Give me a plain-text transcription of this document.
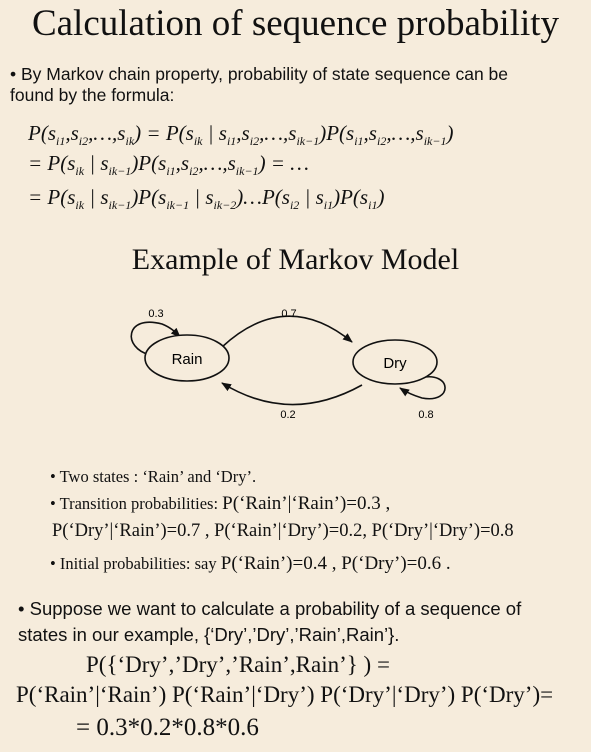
Calculation of sequence probability
• By Markov chain property, probability of state sequence can be
found by the formula:
$P(s_{i1},s_{i2},\dots,s_{ik}) = P(s_{ik}$ | $s_{i1},s_{i2},\dots,s_{ik-1})P(s_{i1},s_{i2},\dots,s_{ik-1})$
= $P(s_{ik}$ | $s_{ik-1})P(s_{i1},s_{i2},\dots,s_{ik-1})$ = …
= $P(s_{ik}$ | $s_{ik-1})P(s_{ik-1}$ | $s_{ik-2})\dots P(s_{i2}$ | $s_{i1})P(s_{i1})$
Example of Markov Model
Rain	Dry
0.3	0.7
0.2	0.8
• Two states : ‘Rain’ and ‘Dry’.
• Transition probabilities: P(‘Rain’|‘Rain’)=0.3 ,
P(‘Dry’|‘Rain’)=0.7 , P(‘Rain’|‘Dry’)=0.2, P(‘Dry’|‘Dry’)=0.8
• Initial probabilities: say P(‘Rain’)=0.4 , P(‘Dry’)=0.6 .
• Suppose we want to calculate a probability of a sequence of
states in our example, {‘Dry’,’Dry’,’Rain’,Rain’}.
P({‘Dry’,’Dry’,’Rain’,Rain’} ) =
P(‘Rain’|‘Rain’) P(‘Rain’|‘Dry’) P(‘Dry’|‘Dry’) P(‘Dry’)=
= 0.3*0.2*0.8*0.6
